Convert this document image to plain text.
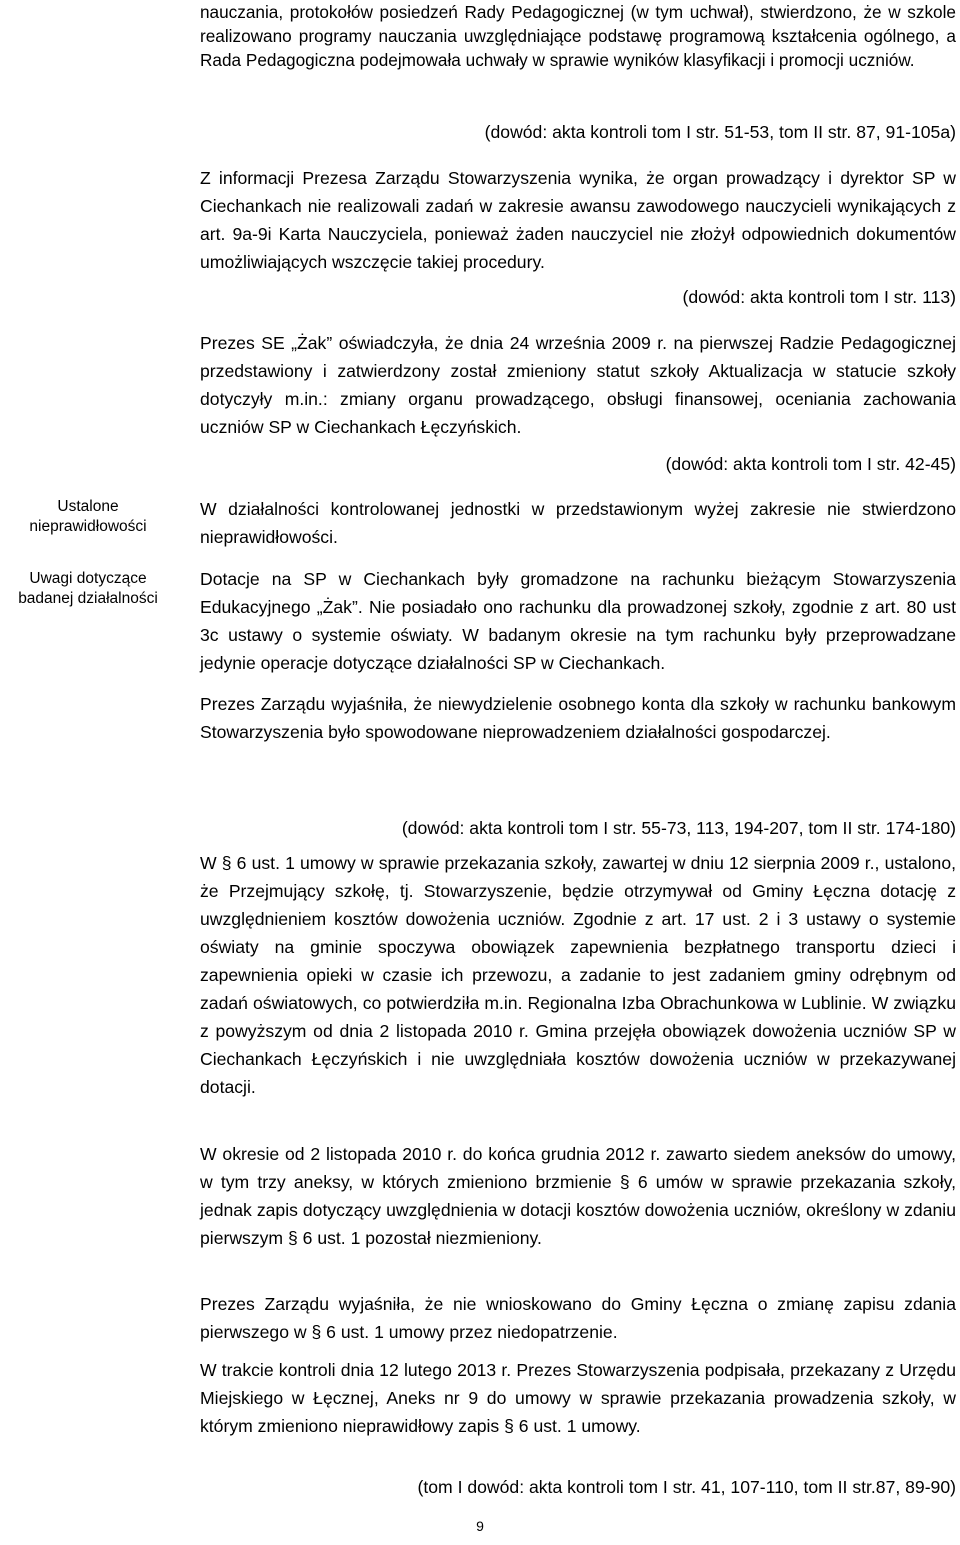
Ustalone
nieprawidłowości
Uwagi dotyczące
badanej działalności
nauczania, protokołów posiedzeń Rady Pedagogicznej (w tym uchwał), stwierdzono, że w szkole realizowano programy nauczania uwzględniające podstawę programową kształcenia ogólnego, a Rada Pedagogiczna podejmowała uchwały w sprawie wyników klasyfikacji i promocji uczniów.
(dowód: akta kontroli tom I str. 51-53, tom II str. 87, 91-105a)
Z informacji Prezesa Zarządu Stowarzyszenia wynika, że organ prowadzący i dyrektor SP w Ciechankach nie realizowali zadań w zakresie awansu zawodowego nauczycieli wynikających z art. 9a-9i Karta Nauczyciela, ponieważ żaden nauczyciel nie złożył odpowiednich dokumentów umożliwiających wszczęcie takiej procedury.
(dowód: akta kontroli tom I str. 113)
Prezes SE „Żak” oświadczyła, że dnia 24 września 2009 r. na pierwszej Radzie Pedagogicznej przedstawiony i zatwierdzony został zmieniony statut szkoły Aktualizacja w statucie szkoły dotyczyły m.in.: zmiany organu prowadzącego, obsługi finansowej, oceniania zachowania uczniów SP w Ciechankach Łęczyńskich.
(dowód: akta kontroli tom I str. 42-45)
W działalności kontrolowanej jednostki w przedstawionym wyżej zakresie nie stwierdzono nieprawidłowości.
Dotacje na SP w Ciechankach były gromadzone na rachunku bieżącym Stowarzyszenia Edukacyjnego „Żak”. Nie posiadało ono rachunku dla prowadzonej szkoły, zgodnie z art. 80 ust 3c ustawy o systemie oświaty. W badanym okresie na tym rachunku były przeprowadzane jedynie operacje dotyczące działalności SP w Ciechankach.
Prezes Zarządu wyjaśniła, że niewydzielenie osobnego konta dla szkoły w rachunku bankowym Stowarzyszenia było spowodowane nieprowadzeniem działalności gospodarczej.
(dowód: akta kontroli tom I str. 55-73, 113, 194-207, tom II str. 174-180)
W § 6 ust. 1 umowy w sprawie przekazania szkoły, zawartej w dniu 12 sierpnia 2009 r., ustalono, że Przejmujący szkołę, tj. Stowarzyszenie, będzie otrzymywał od Gminy Łęczna dotację z uwzględnieniem kosztów dowożenia uczniów. Zgodnie z art. 17 ust. 2 i 3 ustawy o systemie oświaty na gminie spoczywa obowiązek zapewnienia bezpłatnego transportu dzieci i zapewnienia opieki w czasie ich przewozu, a zadanie to jest zadaniem gminy odrębnym od zadań oświatowych, co potwierdziła m.in. Regionalna Izba Obrachunkowa w Lublinie. W związku z powyższym od dnia 2 listopada 2010 r. Gmina przejęła obowiązek dowożenia uczniów SP w Ciechankach Łęczyńskich i nie uwzględniała kosztów dowożenia uczniów w przekazywanej dotacji.
W okresie od 2 listopada 2010 r. do końca grudnia 2012 r. zawarto siedem aneksów do umowy, w tym trzy aneksy, w których zmieniono brzmienie § 6 umów w sprawie przekazania szkoły, jednak zapis dotyczący uwzględnienia w dotacji kosztów dowożenia uczniów, określony w zdaniu pierwszym § 6 ust. 1 pozostał niezmieniony.
Prezes Zarządu wyjaśniła, że nie wnioskowano do Gminy Łęczna o zmianę zapisu zdania pierwszego w § 6 ust. 1 umowy przez niedopatrzenie.
W trakcie kontroli dnia 12 lutego 2013 r. Prezes Stowarzyszenia podpisała, przekazany z Urzędu Miejskiego w Łęcznej, Aneks nr 9 do umowy w sprawie przekazania prowadzenia szkoły, w którym zmieniono nieprawidłowy zapis § 6 ust. 1 umowy.
(tom I dowód: akta kontroli tom I str. 41, 107-110, tom II str.87, 89-90)
9
